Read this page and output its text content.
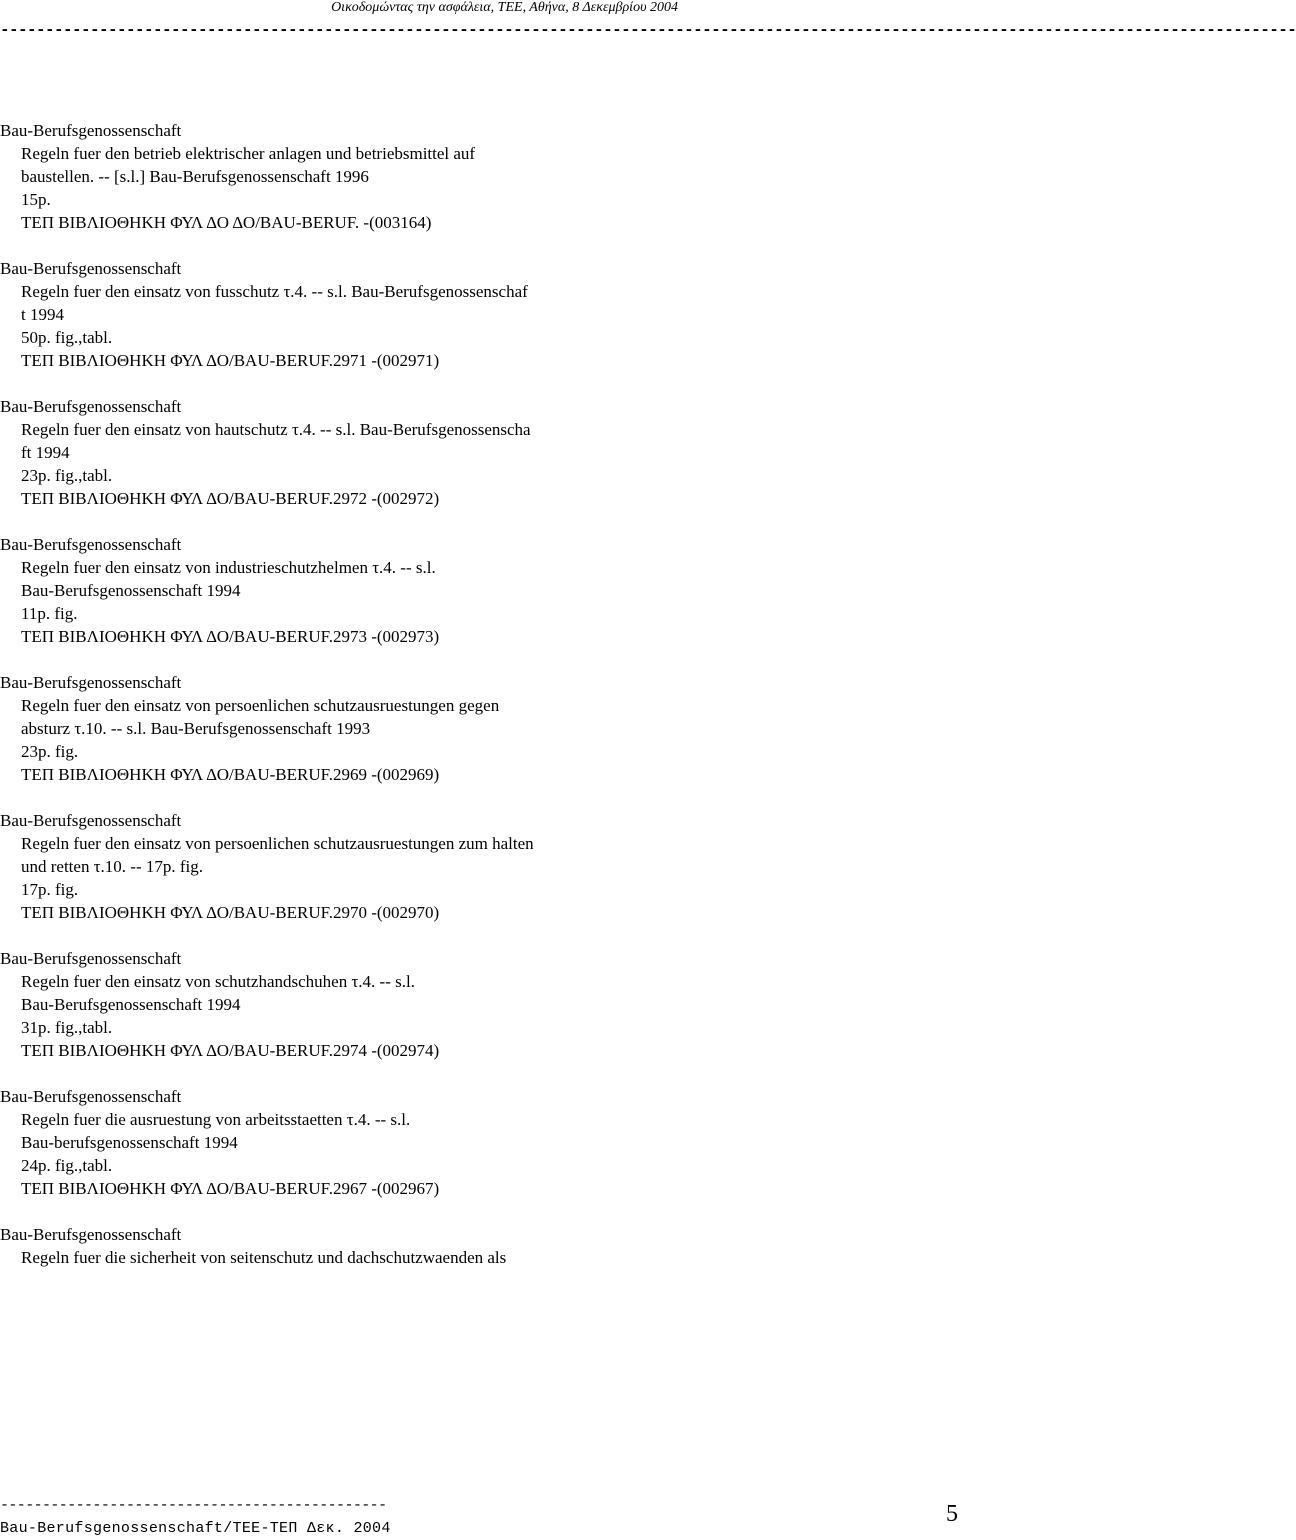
Οικοδομώντας την ασφάλεια, ΤΕΕ, Αθήνα, 8 Δεκεμβρίου 2004
------------------------------------------------------------------------------------------------------------------------------------------------
Bau-Berufsgenossenschaft
Regeln fuer den betrieb elektrischer anlagen und betriebsmittel auf
baustellen. -- [s.l.] Bau-Berufsgenossenschaft 1996
15p.
ΤΕΠ ΒΙΒΛΙΟΘΗΚΗ ΦΥΛ ΔΟ ΔΟ/BAU-BERUF. -(003164)
Bau-Berufsgenossenschaft
Regeln fuer den einsatz von fusschutz τ.4. -- s.l. Bau-Berufsgenossenschaf
t 1994
50p. fig.,tabl.
ΤΕΠ ΒΙΒΛΙΟΘΗΚΗ ΦΥΛ ΔΟ/BAU-BERUF.2971 -(002971)
Bau-Berufsgenossenschaft
Regeln fuer den einsatz von hautschutz τ.4. -- s.l. Bau-Berufsgenossenscha
ft 1994
23p. fig.,tabl.
ΤΕΠ ΒΙΒΛΙΟΘΗΚΗ ΦΥΛ ΔΟ/BAU-BERUF.2972 -(002972)
Bau-Berufsgenossenschaft
Regeln fuer den einsatz von industrieschutzhelmen τ.4. -- s.l.
Bau-Berufsgenossenschaft 1994
11p. fig.
ΤΕΠ ΒΙΒΛΙΟΘΗΚΗ ΦΥΛ ΔΟ/BAU-BERUF.2973 -(002973)
Bau-Berufsgenossenschaft
Regeln fuer den einsatz von persoenlichen schutzausruestungen gegen
absturz τ.10. -- s.l. Bau-Berufsgenossenschaft 1993
23p. fig.
ΤΕΠ ΒΙΒΛΙΟΘΗΚΗ ΦΥΛ ΔΟ/BAU-BERUF.2969 -(002969)
Bau-Berufsgenossenschaft
Regeln fuer den einsatz von persoenlichen schutzausruestungen zum halten
und retten τ.10. -- 17p. fig.
17p. fig.
ΤΕΠ ΒΙΒΛΙΟΘΗΚΗ ΦΥΛ ΔΟ/BAU-BERUF.2970 -(002970)
Bau-Berufsgenossenschaft
Regeln fuer den einsatz von schutzhandschuhen τ.4. -- s.l.
Bau-Berufsgenossenschaft 1994
31p. fig.,tabl.
ΤΕΠ ΒΙΒΛΙΟΘΗΚΗ ΦΥΛ ΔΟ/BAU-BERUF.2974 -(002974)
Bau-Berufsgenossenschaft
Regeln fuer die ausruestung von arbeitsstaetten τ.4. -- s.l.
Bau-berufsgenossenschaft 1994
24p. fig.,tabl.
ΤΕΠ ΒΙΒΛΙΟΘΗΚΗ ΦΥΛ ΔΟ/BAU-BERUF.2967 -(002967)
Bau-Berufsgenossenschaft
Regeln fuer die sicherheit von seitenschutz und dachschutzwaenden als
----------------------------------------------
Bau-Berufsgenossenschaft/TEE-ΤΕΠ Δεκ. 2004
5
